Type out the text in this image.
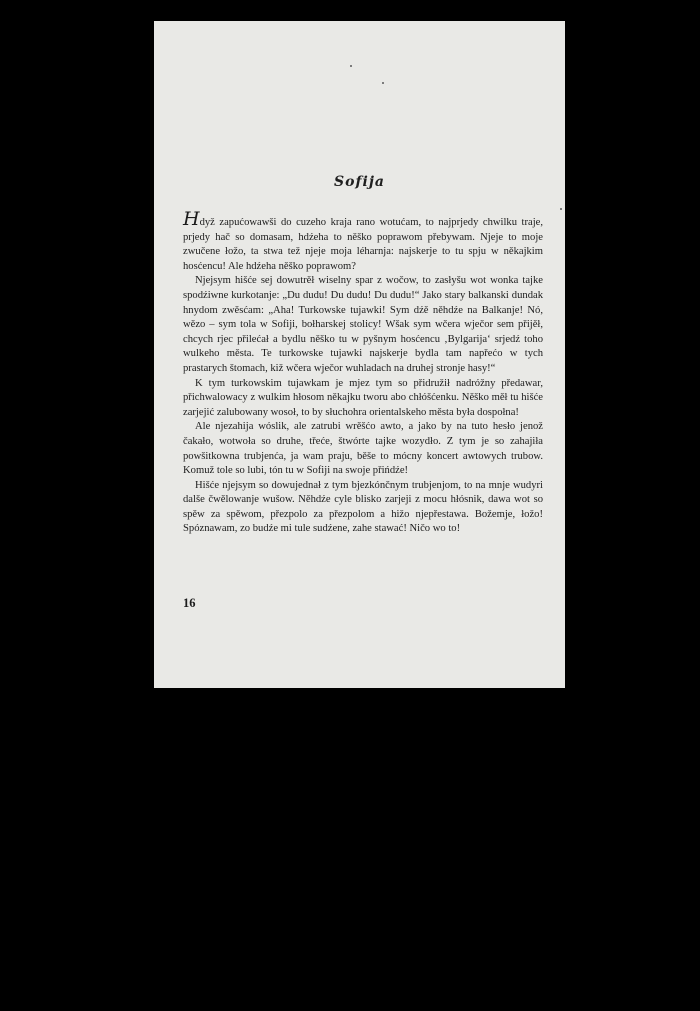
Sofija

Hdyž zapućowawši do cuzeho kraja rano wotućam, to najprjedy chwilku traje, prjedy hač so domasam, hdźeha to něško poprawom přebywam. Njeje to moje zwučene łožo, ta stwa tež njeje moja léharnja: najskerje to tu spju w někajkim hosćencu! Ale hdźeha něško poprawom?

Njejsym hišće sej dowutrěł wiselny spar z wočow, to zasłyšu wot wonka tajke spodźiwne kurkotanje: „Du dudu! Du dudu! Du dudu!“ Jako stary balkanski dundak hnydom zwěsćam: „Aha! Turkowske tujawki! Sym dźě něhdźe na Balkanje! Nó, wězo – sym tola w Sofiji, bołharskej stolicy! Wšak sym wčera wječor sem přijěł, chcych rjec přilećał a bydlu něško tu w pyšnym hosćencu ‚Bylgarija‘ srjedź toho wulkeho města. Te turkowske tujawki najskerje bydla tam napřećo w tych prastarych štomach, kiž wčera wječor wuhladach na druhej stronje hasy!“

K tym turkowskim tujawkam je mjez tym so přidružił nadróžny předawar, přichwalowacy z wulkim hłosom někajku tworu abo chłóšćenku. Něško měł tu hišće zarjejić zalubowany wosoł, to by słuchohra orientalskeho města była dospołna!

Ale njezahija wóslik, ale zatrubi wrěšćo awto, a jako by na tuto hesło jenož čakało, wotwoła so druhe, třeće, štwórte tajke wozydło. Z tym je so zahajiła powšitkowna trubjenća, ja wam praju, běše to mócny koncert awtowych trubow. Komuž tole so lubi, tón tu w Sofiji na swoje přińdźe!

Hišće njejsym so dowujednał z tym bjezkónčnym trubjenjom, to na mnje wudyri dalše čwělowanje wušow. Něhdźe cyle blisko zarjeji z mocu hłósnik, dawa wot so spěw za spěwom, přezpolo za přezpolom a hižo njepřestawa. Božemje, łožo! Spóznawam, zo budźe mi tule sudźene, zahe stawać! Ničo wo to!

16
